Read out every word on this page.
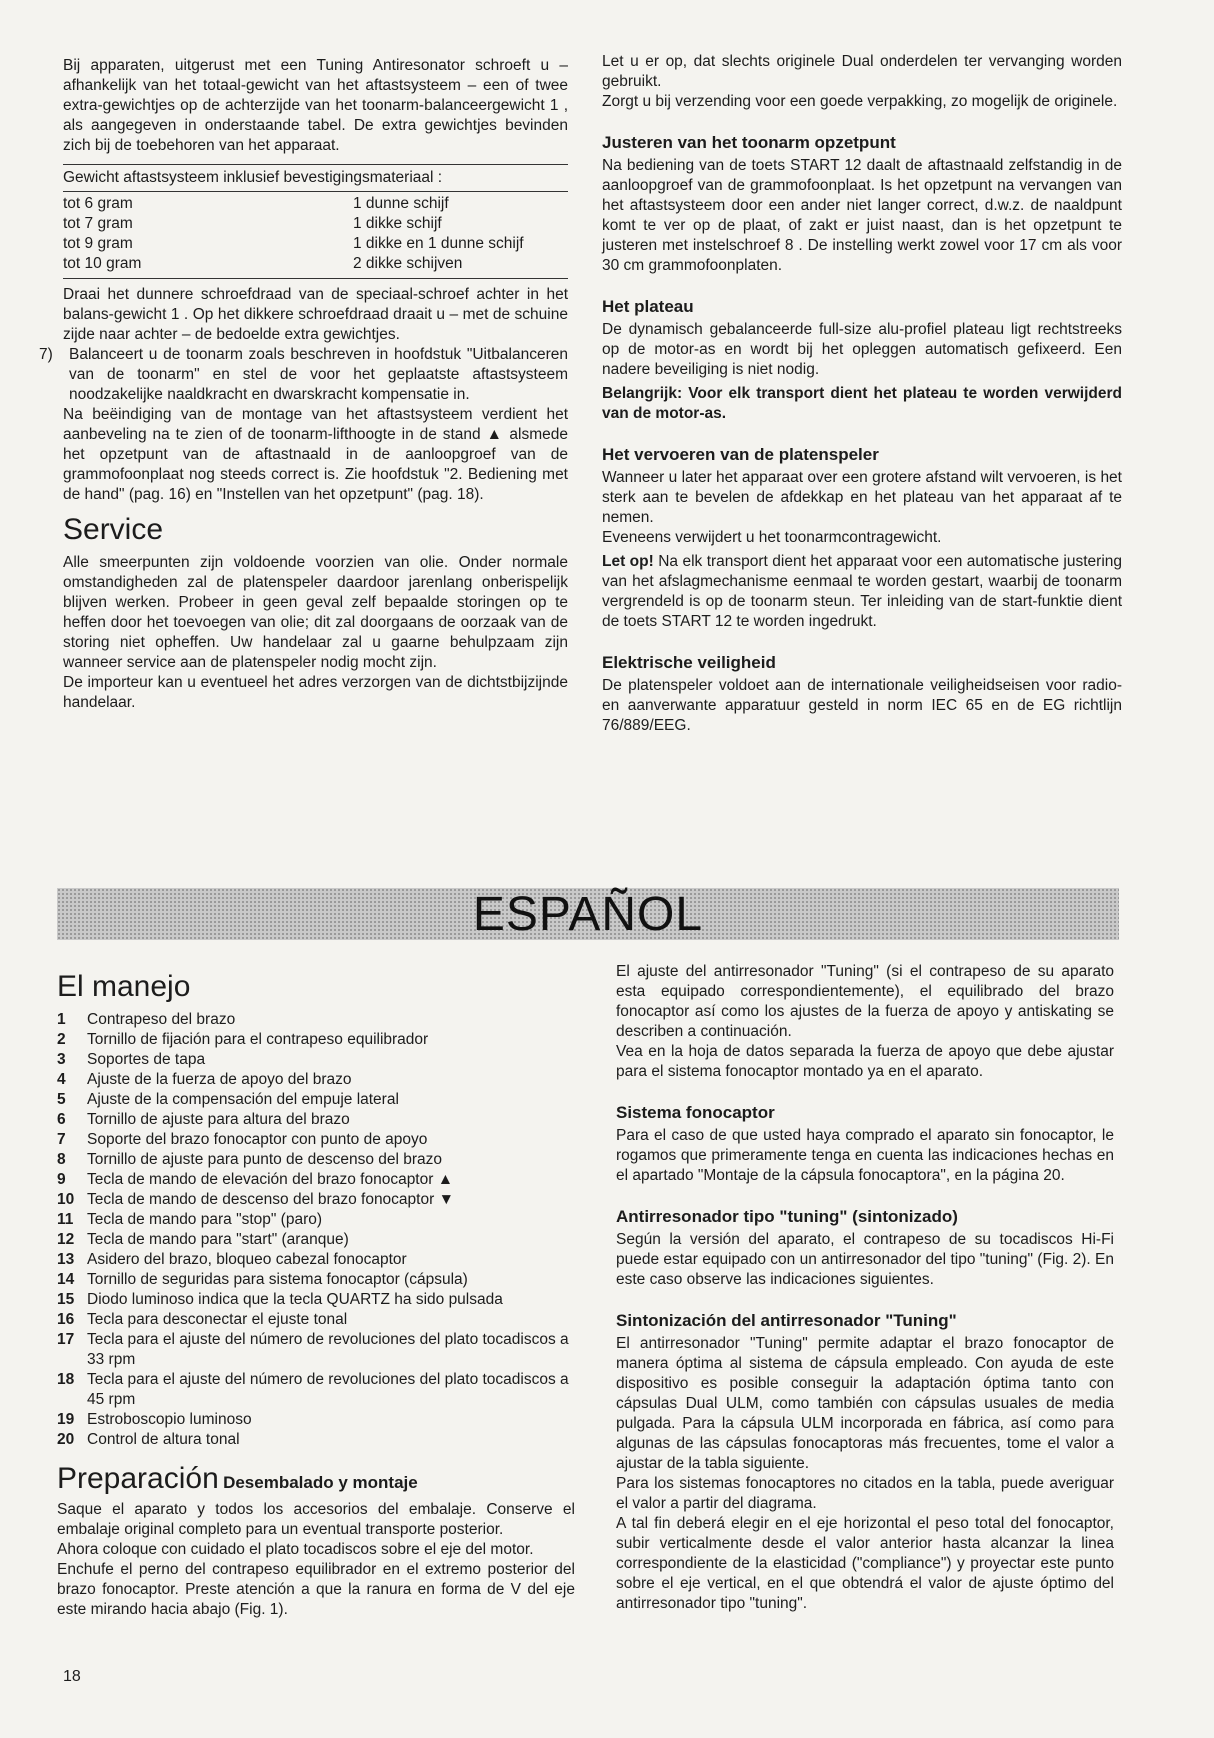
Bij apparaten, uitgerust met een Tuning Antiresonator schroeft u – afhankelijk van het totaal-gewicht van het aftastsysteem – een of twee extra-gewichtjes op de achterzijde van het toonarm-balanceergewicht 1 , als aangegeven in onderstaande tabel. De extra gewichtjes bevinden zich bij de toebehoren van het apparaat.

Gewicht aftastsysteem inklusief bevestigingsmateriaal :
tot 6 gram	1 dunne schijf
tot 7 gram	1 dikke schijf
tot 9 gram	1 dikke en 1 dunne schijf
tot 10 gram	2 dikke schijven

Draai het dunnere schroefdraad van de speciaal-schroef achter in het balans-gewicht 1 . Op het dikkere schroefdraad draait u – met de schuine zijde naar achter – de bedoelde extra gewichtjes.

7)	Balanceert u de toonarm zoals beschreven in hoofdstuk "Uitbalanceren van de toonarm" en stel de voor het geplaatste aftastsysteem noodzakelijke naaldkracht en dwarskracht kompensatie in.

Na beëindiging van de montage van het aftastsysteem verdient het aanbeveling na te zien of de toonarm-lifthoogte in de stand ▲ alsmede het opzetpunt van de aftastnaald in de aanloopgroef van de grammofoonplaat nog steeds correct is. Zie hoofdstuk "2. Bediening met de hand" (pag. 16) en "Instellen van het opzetpunt" (pag. 18).

Service

Alle smeerpunten zijn voldoende voorzien van olie. Onder normale omstandigheden zal de platenspeler daardoor jarenlang onberispelijk blijven werken. Probeer in geen geval zelf bepaalde storingen op te heffen door het toevoegen van olie; dit zal doorgaans de oorzaak van de storing niet opheffen. Uw handelaar zal u gaarne behulpzaam zijn wanneer service aan de platenspeler nodig mocht zijn.

De importeur kan u eventueel het adres verzorgen van de dichtstbijzijnde handelaar.

Let u er op, dat slechts originele Dual onderdelen ter vervanging worden gebruikt.

Zorgt u bij verzending voor een goede verpakking, zo mogelijk de originele.

Justeren van het toonarm opzetpunt

Na bediening van de toets START 12 daalt de aftastnaald zelfstandig in de aanloopgroef van de grammofoonplaat. Is het opzetpunt na vervangen van het aftastsysteem door een ander niet langer correct, d.w.z. de naaldpunt komt te ver op de plaat, of zakt er juist naast, dan is het opzetpunt te justeren met instelschroef 8 . De instelling werkt zowel voor 17 cm als voor 30 cm grammofoonplaten.

Het plateau

De dynamisch gebalanceerde full-size alu-profiel plateau ligt rechtstreeks op de motor-as en wordt bij het opleggen automatisch gefixeerd. Een nadere beveiliging is niet nodig.

Belangrijk: Voor elk transport dient het plateau te worden verwijderd van de motor-as.

Het vervoeren van de platenspeler

Wanneer u later het apparaat over een grotere afstand wilt vervoeren, is het sterk aan te bevelen de afdekkap en het plateau van het apparaat af te nemen.

Eveneens verwijdert u het toonarmcontragewicht.

Let op! Na elk transport dient het apparaat voor een automatische justering van het afslagmechanisme eenmaal te worden gestart, waarbij de toonarm vergrendeld is op de toonarm steun. Ter inleiding van de start-funktie dient de toets START 12 te worden ingedrukt.

Elektrische veiligheid

De platenspeler voldoet aan de internationale veiligheidseisen voor radio- en aanverwante apparatuur gesteld in norm IEC 65 en de EG richtlijn 76/889/EEG.

ESPAÑOL
El manejo
1	Contrapeso del brazo
2	Tornillo de fijación para el contrapeso equilibrador
3	Soportes de tapa
4	Ajuste de la fuerza de apoyo del brazo
5	Ajuste de la compensación del empuje lateral
6	Tornillo de ajuste para altura del brazo
7	Soporte del brazo fonocaptor con punto de apoyo
8	Tornillo de ajuste para punto de descenso del brazo
9	Tecla de mando de elevación del brazo fonocaptor ▲
10 Tecla de mando de descenso del brazo fonocaptor ▼
11 Tecla de mando para "stop" (paro)
12 Tecla de mando para "start" (aranque)
13 Asidero del brazo, bloqueo cabezal fonocaptor
14 Tornillo de seguridas para sistema fonocaptor (cápsula)
15 Diodo luminoso indica que la tecla QUARTZ ha sido pulsada
16 Tecla para desconectar el ejuste tonal
17 Tecla para el ajuste del número de revoluciones del plato tocadiscos a 33 rpm
18 Tecla para el ajuste del número de revoluciones del plato tocadiscos a 45 rpm
19 Estroboscopio luminoso
20 Control de altura tonal
Preparación Desembalado y montaje

Saque el aparato y todos los accesorios del embalaje. Conserve el embalaje original completo para un eventual transporte posterior.

Ahora coloque con cuidado el plato tocadiscos sobre el eje del motor.

Enchufe el perno del contrapeso equilibrador en el extremo posterior del brazo fonocaptor. Preste atención a que la ranura en forma de V del eje este mirando hacia abajo (Fig. 1).

El ajuste del antirresonador "Tuning" (si el contrapeso de su aparato esta equipado correspondientemente), el equilibrado del brazo fonocaptor así como los ajustes de la fuerza de apoyo y antiskating se describen a continuación.

Vea en la hoja de datos separada la fuerza de apoyo que debe ajustar para el sistema fonocaptor montado ya en el aparato.

Sistema fonocaptor

Para el caso de que usted haya comprado el aparato sin fonocaptor, le rogamos que primeramente tenga en cuenta las indicaciones hechas en el apartado "Montaje de la cápsula fonocaptora", en la página 20.

Antirresonador tipo "tuning" (sintonizado)

Según la versión del aparato, el contrapeso de su tocadiscos Hi-Fi puede estar equipado con un antirresonador del tipo "tuning" (Fig. 2). En este caso observe las indicaciones siguientes.

Sintonización del antirresonador "Tuning"

El antirresonador "Tuning" permite adaptar el brazo fonocaptor de manera óptima al sistema de cápsula empleado. Con ayuda de este dispositivo es posible conseguir la adaptación óptima tanto con cápsulas Dual ULM, como también con cápsulas usuales de media pulgada. Para la cápsula ULM incorporada en fábrica, así como para algunas de las cápsulas fonocaptoras más frecuentes, tome el valor a ajustar de la tabla siguiente.

Para los sistemas fonocaptores no citados en la tabla, puede averiguar el valor a partir del diagrama.

A tal fin deberá elegir en el eje horizontal el peso total del fonocaptor, subir verticalmente desde el valor anterior hasta alcanzar la linea correspondiente de la elasticidad ("compliance") y proyectar este punto sobre el eje vertical, en el que obtendrá el valor de ajuste óptimo del antirresonador tipo "tuning".

18
